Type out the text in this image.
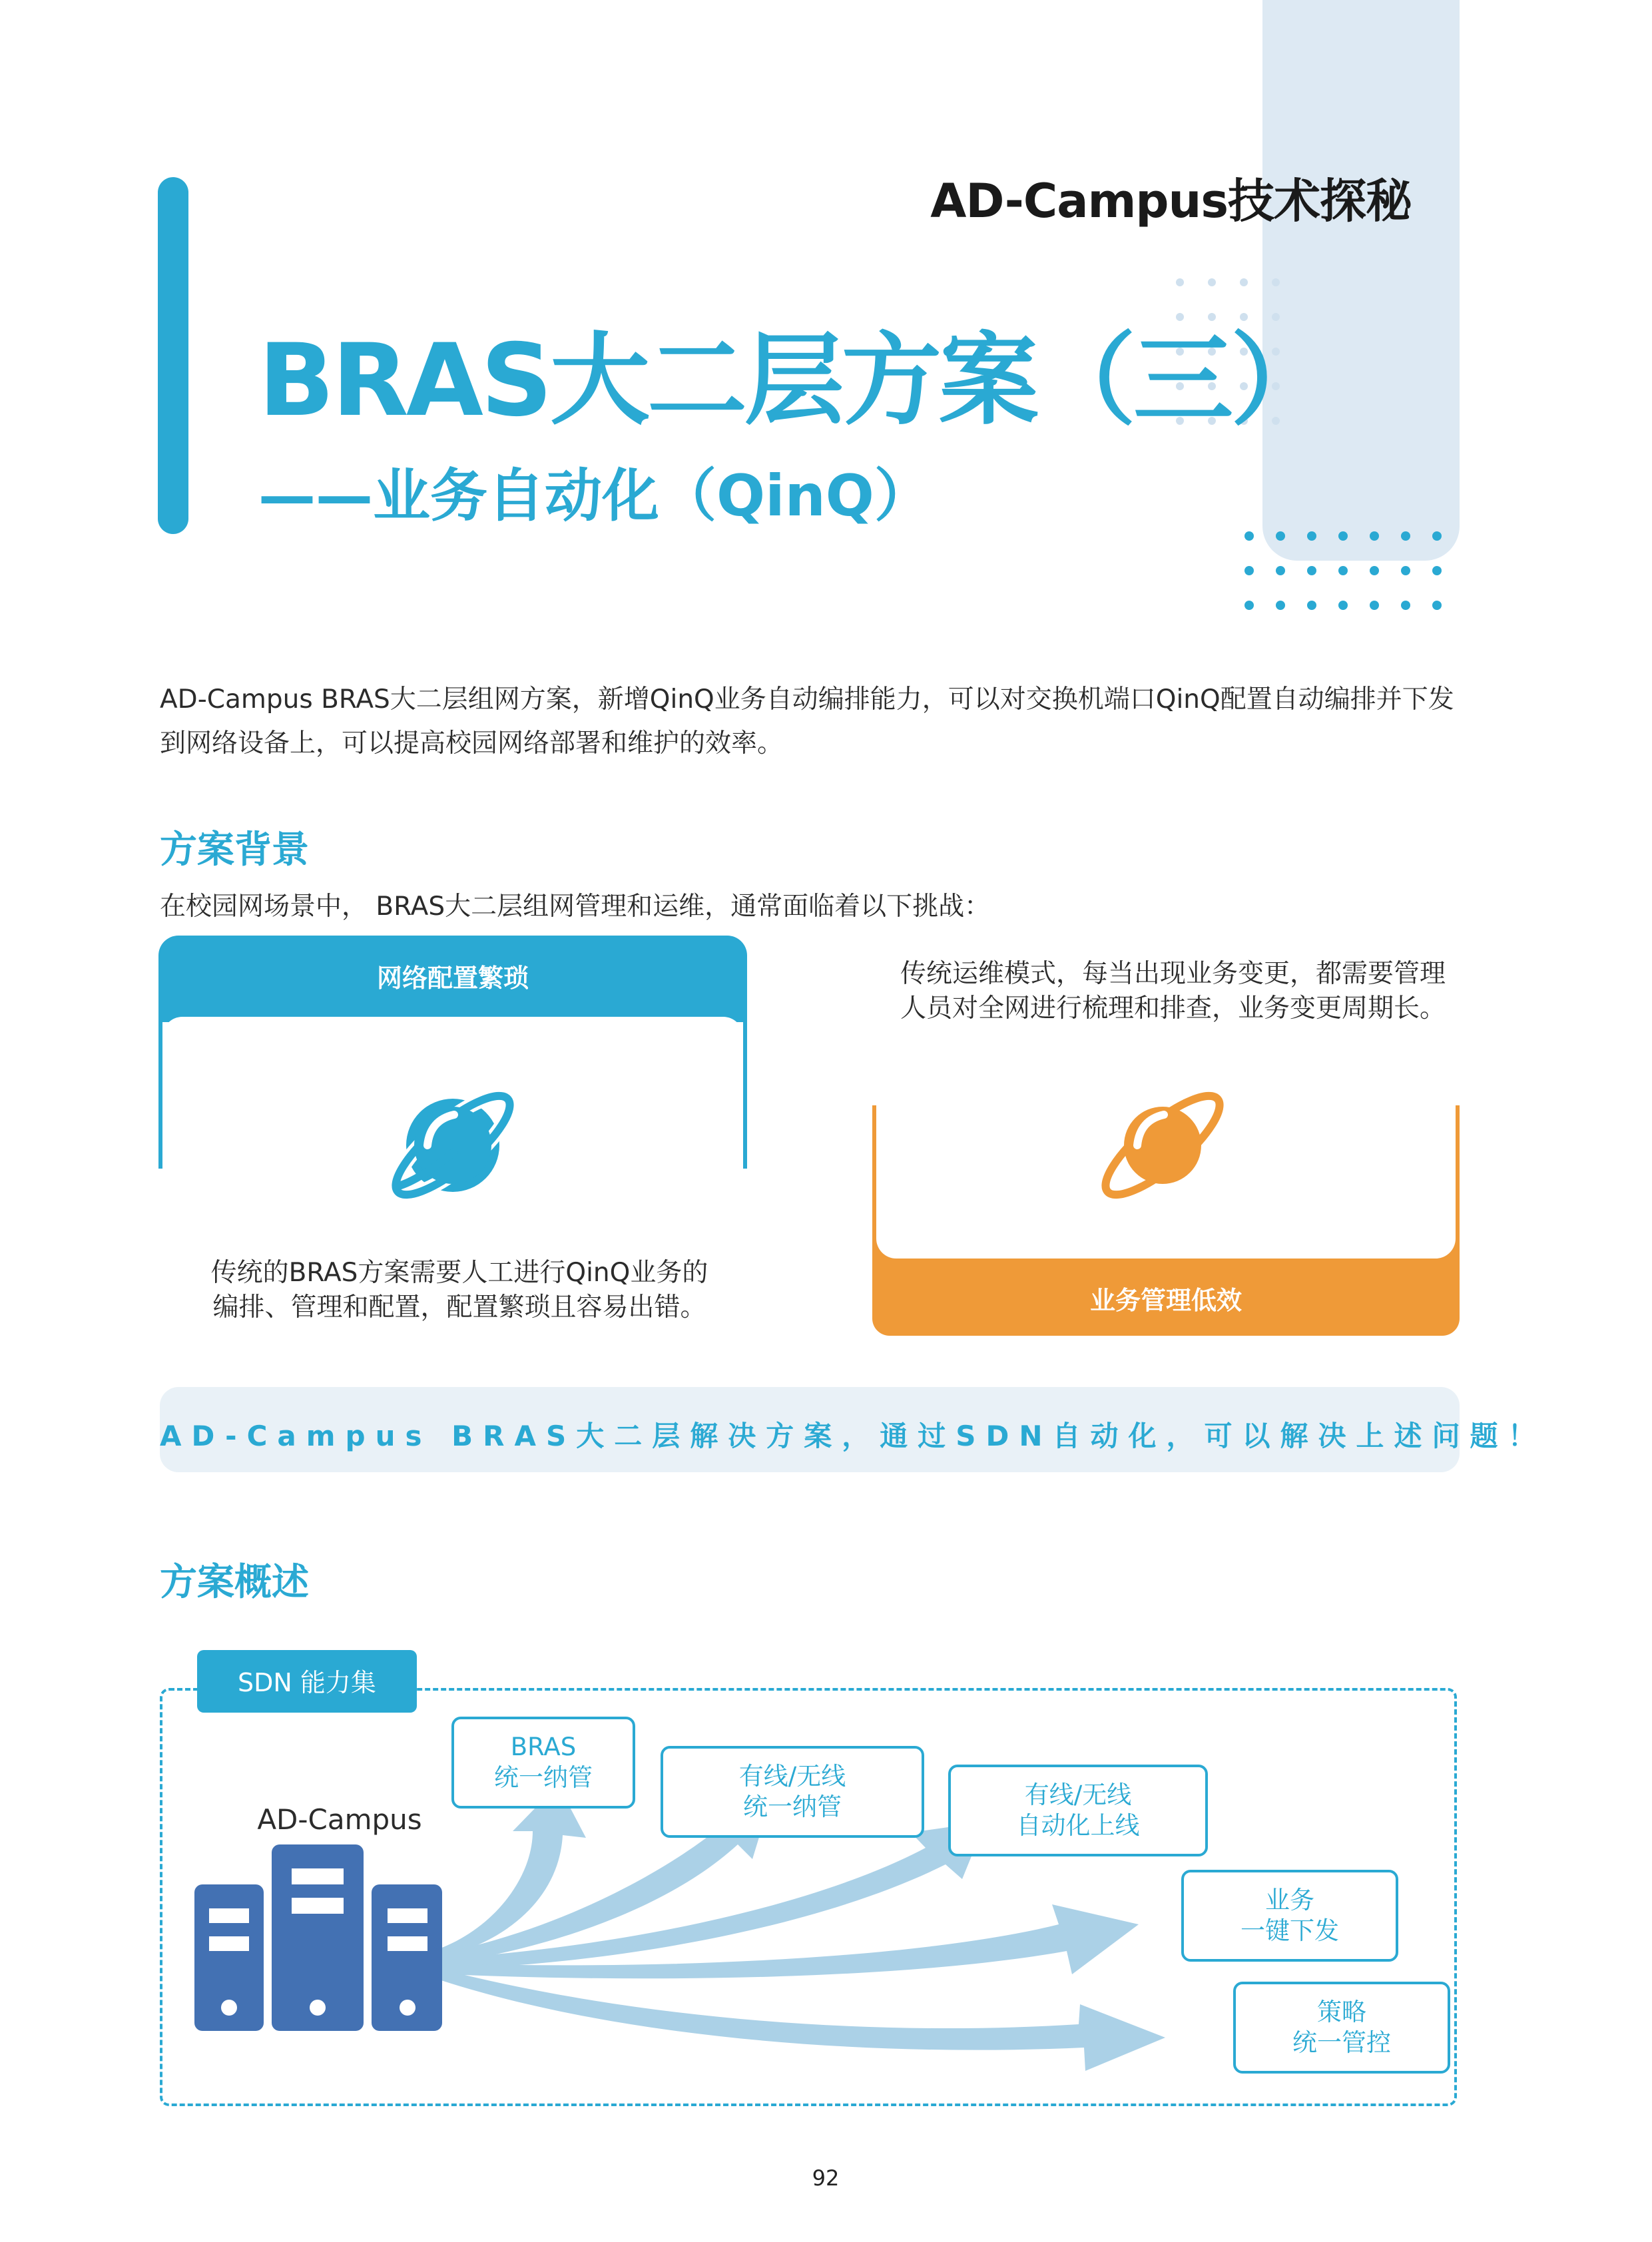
AD-Campus技术探秘
BRAS大二层方案（三）
——业务自动化（QinQ）
AD-Campus BRAS大二层组网方案，新增QinQ业务自动编排能力，可以对交换机端口QinQ配置自动编排并下发到网络设备上，可以提高校园网络部署和维护的效率。
方案背景
在校园网场景中， BRAS大二层组网管理和运维，通常面临着以下挑战：
网络配置繁琐
传统的BRAS方案需要人工进行QinQ业务的编排、管理和配置，配置繁琐且容易出错。
传统运维模式，每当出现业务变更，都需要管理人员对全网进行梳理和排查，业务变更周期长。
业务管理低效
AD-Campus BRAS大二层解决方案，通过SDN自动化，可以解决上述问题！
方案概述
SDN 能力集
AD-Campus
BRAS
统一纳管	有线/无线
统一纳管	有线/无线
自动化上线
业务
一键下发
策略
统一管控
92
